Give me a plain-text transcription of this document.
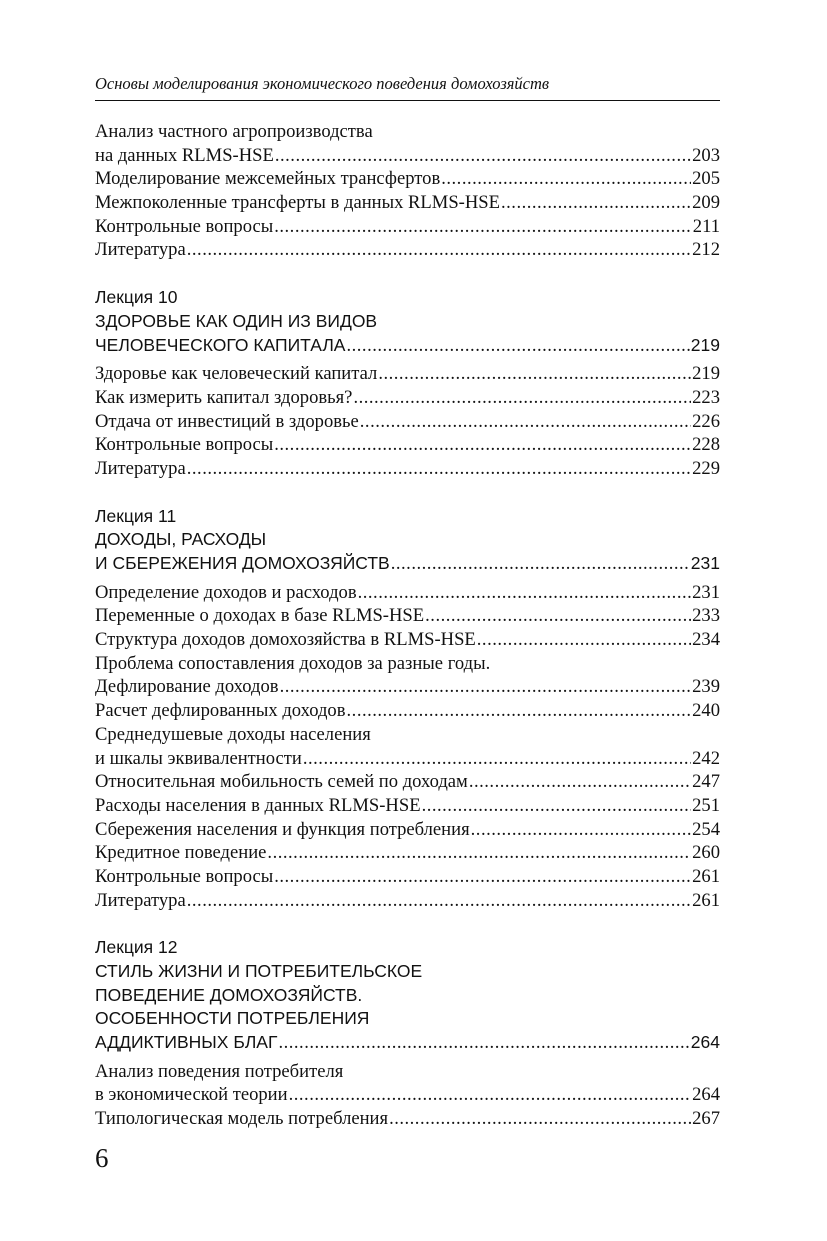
Основы моделирования экономического поведения домохозяйств
Анализ частного агропроизводства
на данных RLMS-HSE .....	203
Моделирование межсемейных трансфертов .....	205
Межпоколенные трансферты в данных RLMS-HSE .....	209
Контрольные вопросы .....	211
Литература .....	212
Лекция 10
ЗДОРОВЬЕ КАК ОДИН ИЗ ВИДОВ
ЧЕЛОВЕЧЕСКОГО КАПИТАЛА .....	219
Здоровье как человеческий капитал .....	219
Как измерить капитал здоровья? .....	223
Отдача от инвестиций в здоровье .....	226
Контрольные вопросы .....	228
Литература .....	229
Лекция 11
ДОХОДЫ, РАСХОДЫ
И СБЕРЕЖЕНИЯ ДОМОХОЗЯЙСТВ .....	231
Определение доходов и расходов .....	231
Переменные о доходах в базе RLMS-HSE .....	233
Структура доходов домохозяйства в RLMS-HSE .....	234
Проблема сопоставления доходов за разные годы.
Дефлирование доходов .....	239
Расчет дефлированных доходов .....	240
Среднедушевые доходы населения
и шкалы эквивалентности .....	242
Относительная мобильность семей по доходам .....	247
Расходы населения в данных RLMS-HSE .....	251
Сбережения населения и функция потребления .....	254
Кредитное поведение .....	260
Контрольные вопросы .....	261
Литература .....	261
Лекция 12
СТИЛЬ ЖИЗНИ И ПОТРЕБИТЕЛЬСКОЕ
ПОВЕДЕНИЕ ДОМОХОЗЯЙСТВ.
ОСОБЕННОСТИ ПОТРЕБЛЕНИЯ
АДДИКТИВНЫХ БЛАГ .....	264
Анализ поведения потребителя
в экономической теории .....	264
Типологическая модель потребления .....	267
6
